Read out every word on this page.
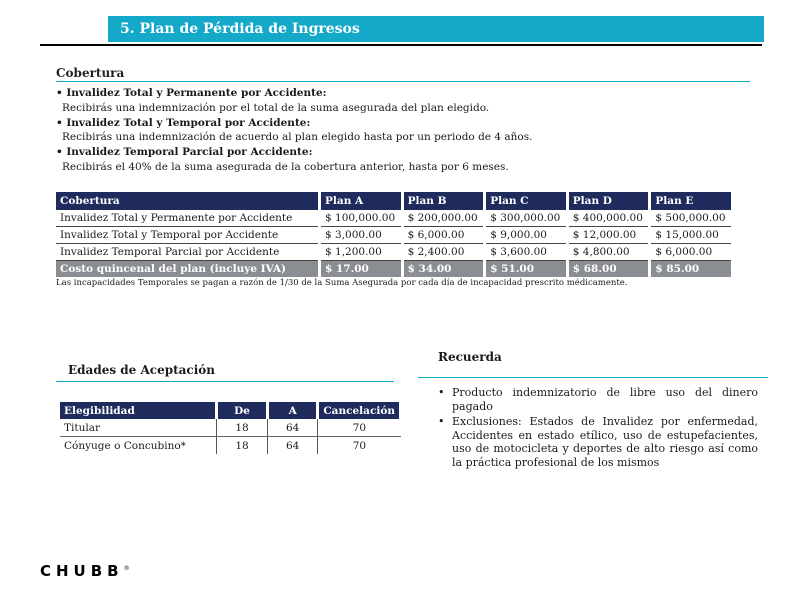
5. Plan de Pérdida de Ingresos
Cobertura
• Invalidez Total y Permanente por Accidente:
Recibirás una indemnización por el total de la suma asegurada del plan elegido.
• Invalidez Total y Temporal por Accidente:
Recibirás una indemnización de acuerdo al plan elegido hasta por un periodo de 4 años.
• Invalidez Temporal Parcial por Accidente:
Recibirás el 40% de la suma asegurada de la cobertura anterior, hasta por 6 meses.
Cobertura	Plan A	Plan B	Plan C	Plan D	Plan E
Invalidez Total y Permanente por Accidente	$ 100,000.00	$ 200,000.00	$ 300,000.00	$ 400,000.00	$ 500,000.00
Invalidez Total y Temporal por Accidente	$ 3,000.00	$ 6,000.00	$ 9,000.00	$ 12,000.00	$ 15,000.00
Invalidez Temporal Parcial por Accidente	$ 1,200.00	$ 2,400.00	$ 3,600.00	$ 4,800.00	$ 6,000.00
Costo quincenal del plan (incluye IVA)	$ 17.00	$ 34.00	$ 51.00	$ 68.00	$ 85.00
Las incapacidades Temporales se pagan a razón de 1/30 de la Suma Asegurada por cada día de incapacidad prescrito médicamente.
Edades de Aceptación
Elegibilidad	De	A	Cancelación
Titular	18	64	70
Cónyuge o Concubino*	18	64	70
Recuerda
• Producto indemnizatorio de libre uso del dinero pagado
• Exclusiones: Estados de Invalidez por enfermedad, Accidentes en estado etílico, uso de estupefacientes, uso de motocicleta y deportes de alto riesgo así como la práctica profesional de los mismos
CHUBB®
